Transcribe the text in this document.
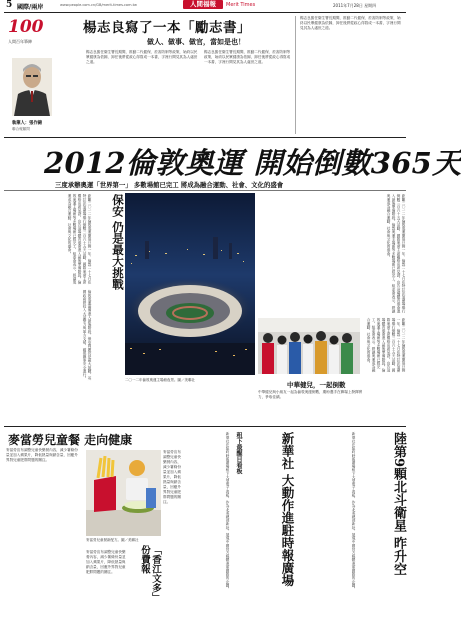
5 國際/兩岸	www.people.com.cn/GB/merit-times.com.tw	人間福報	Merit Times	2011年7月28日 星期四
100
人間百年筆陣
楊志良寫了一本「勵志書」
做人、做事、做官，當如是也！
執筆人：張作錦
聯合報顧問
楊志良擔任衛生署長期間，推動二代健保、菸害防制等政策，始終以民眾健康為依歸，卸任後將從政心得寫成一本書，字裡行間見其為人處世之道。
楊志良擔任衛生署長期間，推動二代健保、菸害防制等政策，始終以民眾健康為依歸，卸任後將從政心得寫成一本書，字裡行間見其為人處世之道。
楊志良擔任衛生署長期間，推動二代健保、菸害防制等政策，始終以民眾健康為依歸，卸任後將從政心得寫成一本書，字裡行間見其為人處世之道。
2012倫敦奧運 開始倒數365天
三度承辦奧運「世界第一」 多數場館已完工 將成為融合運動、社會、文化的盛會
距離二〇一二年倫敦奧運開幕只剩一年，倫敦二十七日在特拉法加廣場舉行倒數三百六十五天活動，國際奧會主席羅格出席見證，宣告這場體育盛會進入最後準備階段。倫敦奧運主場館等多數場館已經完工，組委會表示，將讓奧運成為融合運動、社會與文化的盛會。	保安 仍是最大挑戰
倫敦奧運籌備進入最後階段，保安問題仍是最大挑戰，英國政府將投入大量警力與軍方支援，確保賽事安全進行。	二〇一二年倫敦奧運主場館夜景。圖／美聯社
距離二〇一二年倫敦奧運開幕只剩一年，倫敦二十七日在特拉法加廣場舉行倒數三百六十五天活動，國際奧會主席羅格出席見證，宣告這場體育盛會進入最後準備階段。倫敦奧運主場館等多數場館已經完工，組委會表示，將讓奧運成為融合運動、社會與文化的盛會。
距離二〇一二年倫敦奧運開幕只剩一年，倫敦二十七日在特拉法加廣場舉行倒數三百六十五天活動，國際奧會主席羅格出席見證，宣告這場體育盛會進入最後準備階段。倫敦奧運主場館等多數場館已經完工，組委會表示，將讓奧運成為融合運動、社會與文化的盛會。
中華健兒，一起倒數
中華健兒與小朋友一起為倫敦奧運倒數，期盼選手在賽場上發揮實力，爭取佳績。
麥當勞兒童餐 走向健康
麥當勞宣布調整兒童快樂餐內容，減少薯條份量並加入蘋果片，降低熱量與鈉含量，回應外界對兒童肥胖問題的關注。
麥當勞兒童餐新配方。圖／美聯社
麥當勞宣布調整兒童快樂餐內容，減少薯條份量並加入蘋果片，降低熱量與鈉含量，回應外界對兒童肥胖問題的關注。	「香江文多」份費報
麥當勞宣布調整兒童快樂餐內容，減少薯條份量並加入蘋果片，降低熱量與鈉含量，回應外界對兒童肥胖問題的關注。
租下最醒目看板	新華社 大動作進駐時報廣場
新華社在紐約時報廣場租下大型電子看板，作為北美總部新址，展現中國官方媒體進軍國際的企圖。	新華社在紐約時報廣場租下大型電子看板，作為北美總部新址，展現中國官方媒體進軍國際的企圖。	陸第9顆北斗衛星 昨升空
